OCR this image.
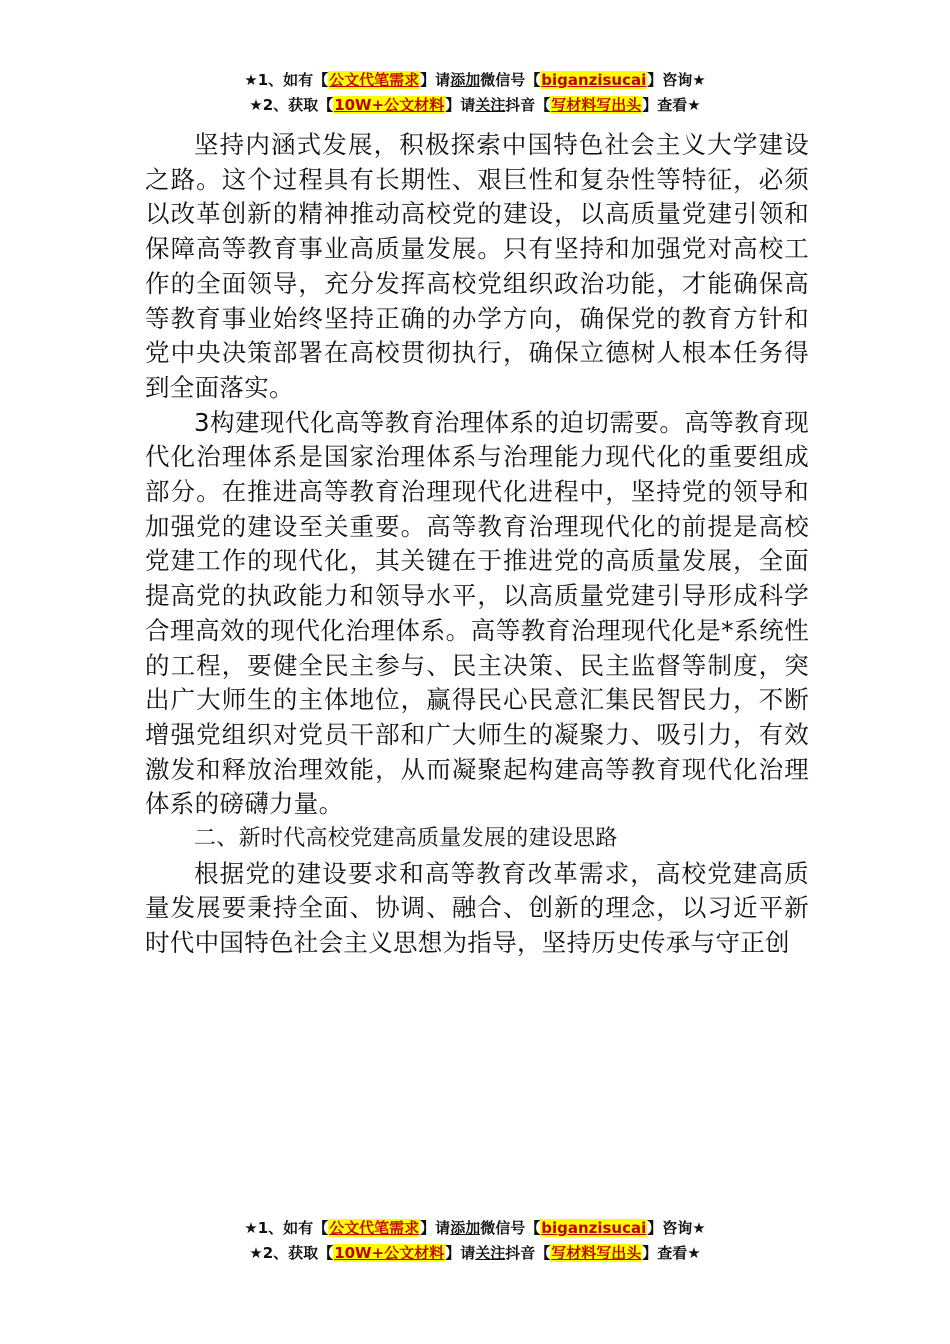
★1、如有【公文代笔需求】请添加微信号【biganzisucai】咨询★
★2、获取【10W+公文材料】请关注抖音【写材料写出头】查看★

坚持内涵式发展，积极探索中国特色社会主义大学建设之路。这个过程具有长期性、艰巨性和复杂性等特征，必须以改革创新的精神推动高校党的建设，以高质量党建引领和保障高等教育事业高质量发展。只有坚持和加强党对高校工作的全面领导，充分发挥高校党组织政治功能，才能确保高等教育事业始终坚持正确的办学方向，确保党的教育方针和党中央决策部署在高校贯彻执行，确保立德树人根本任务得到全面落实。

3构建现代化高等教育治理体系的迫切需要。高等教育现代化治理体系是国家治理体系与治理能力现代化的重要组成部分。在推进高等教育治理现代化进程中，坚持党的领导和加强党的建设至关重要。高等教育治理现代化的前提是高校党建工作的现代化，其关键在于推进党的高质量发展，全面提高党的执政能力和领导水平，以高质量党建引导形成科学合理高效的现代化治理体系。高等教育治理现代化是*系统性的工程，要健全民主参与、民主决策、民主监督等制度，突出广大师生的主体地位，赢得民心民意汇集民智民力，不断增强党组织对党员干部和广大师生的凝聚力、吸引力，有效激发和释放治理效能，从而凝聚起构建高等教育现代化治理体系的磅礴力量。

二、新时代高校党建高质量发展的建设思路

根据党的建设要求和高等教育改革需求，高校党建高质量发展要秉持全面、协调、融合、创新的理念，以习近平新时代中国特色社会主义思想为指导，坚持历史传承与守正创

★1、如有【公文代笔需求】请添加微信号【biganzisucai】咨询★
★2、获取【10W+公文材料】请关注抖音【写材料写出头】查看★
